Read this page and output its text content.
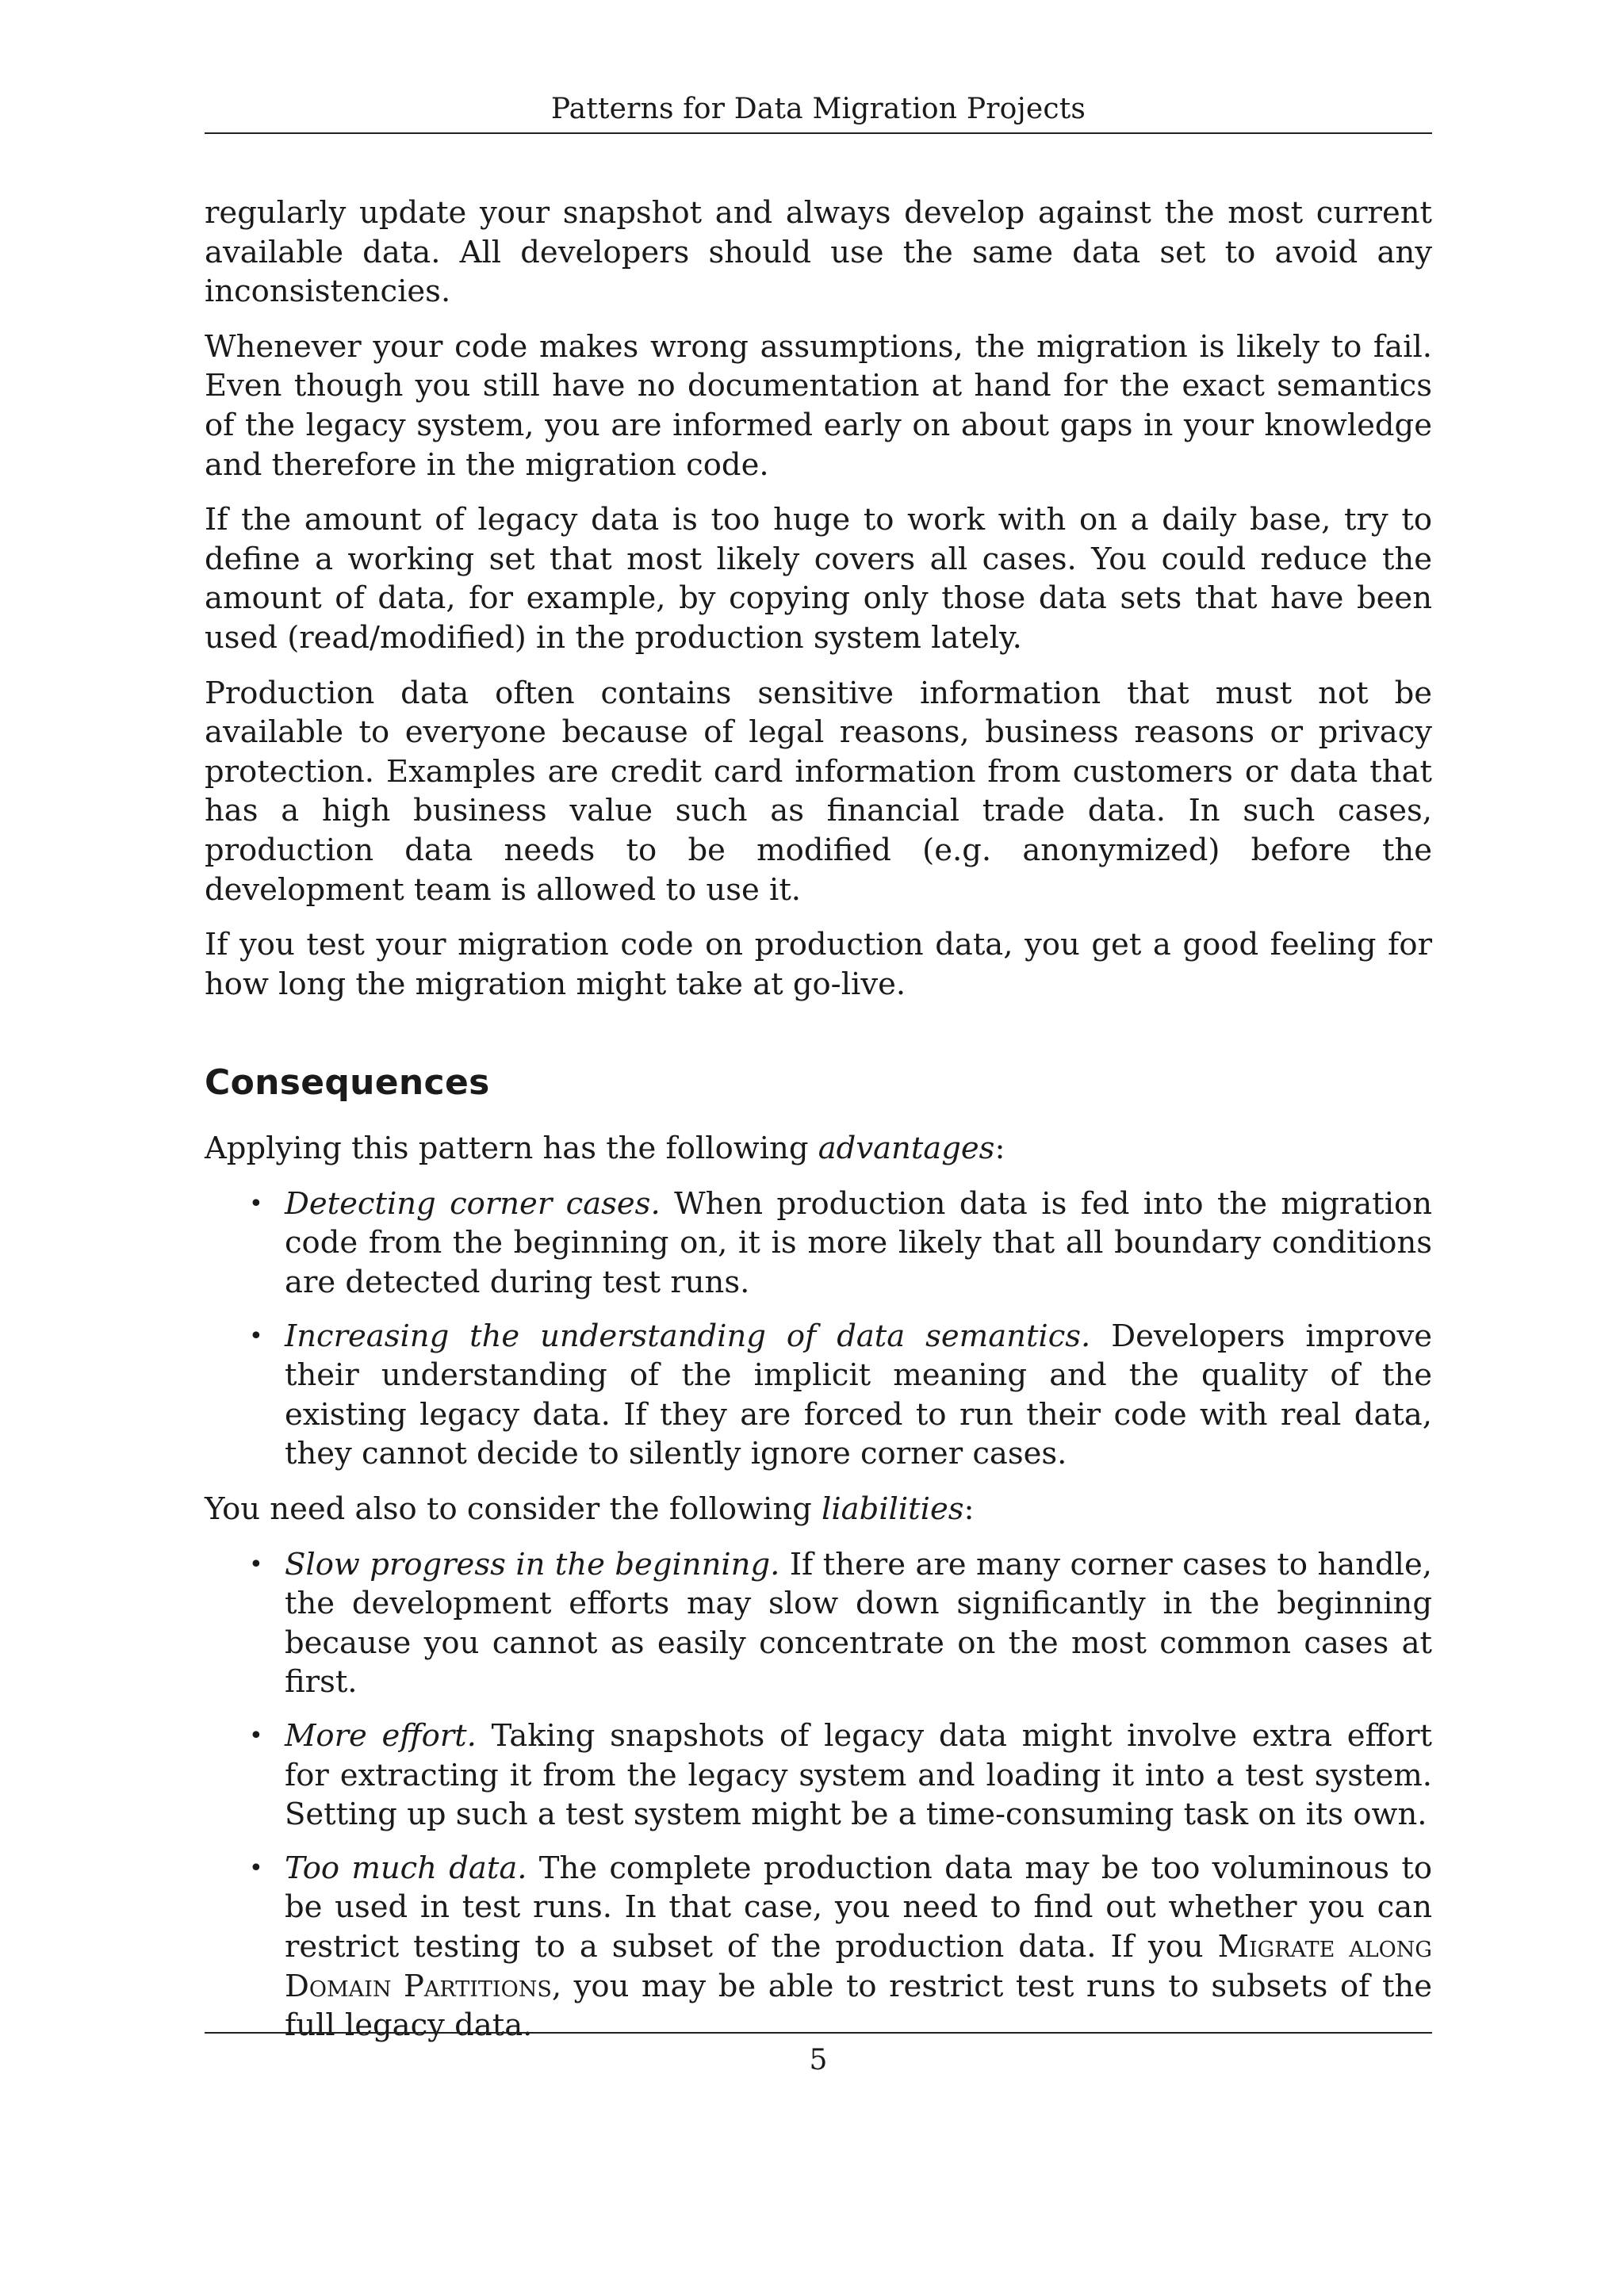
Patterns for Data Migration Projects

regularly update your snapshot and always develop against the most current available data. All developers should use the same data set to avoid any inconsistencies.

Whenever your code makes wrong assumptions, the migration is likely to fail. Even though you still have no documentation at hand for the exact semantics of the legacy system, you are informed early on about gaps in your knowledge and therefore in the migration code.

If the amount of legacy data is too huge to work with on a daily base, try to define a working set that most likely covers all cases. You could reduce the amount of data, for example, by copying only those data sets that have been used (read/modified) in the production system lately.

Production data often contains sensitive information that must not be available to everyone because of legal reasons, business reasons or privacy protection. Examples are credit card information from customers or data that has a high business value such as financial trade data. In such cases, production data needs to be modified (e.g. anonymized) before the development team is allowed to use it.

If you test your migration code on production data, you get a good feeling for how long the migration might take at go-live.

Consequences

Applying this pattern has the following advantages:

• Detecting corner cases. When production data is fed into the migration code from the beginning on, it is more likely that all boundary conditions are detected during test runs.
• Increasing the understanding of data semantics. Developers improve their understanding of the implicit meaning and the quality of the existing legacy data. If they are forced to run their code with real data, they cannot decide to silently ignore corner cases.

You need also to consider the following liabilities:

• Slow progress in the beginning. If there are many corner cases to handle, the development efforts may slow down significantly in the beginning because you cannot as easily concentrate on the most common cases at first.
• More effort. Taking snapshots of legacy data might involve extra effort for extracting it from the legacy system and loading it into a test system. Setting up such a test system might be a time-consuming task on its own.
• Too much data. The complete production data may be too voluminous to be used in test runs. In that case, you need to find out whether you can restrict testing to a subset of the production data. If you Migrate along Domain Partitions, you may be able to restrict test runs to subsets of the full legacy data.
5
